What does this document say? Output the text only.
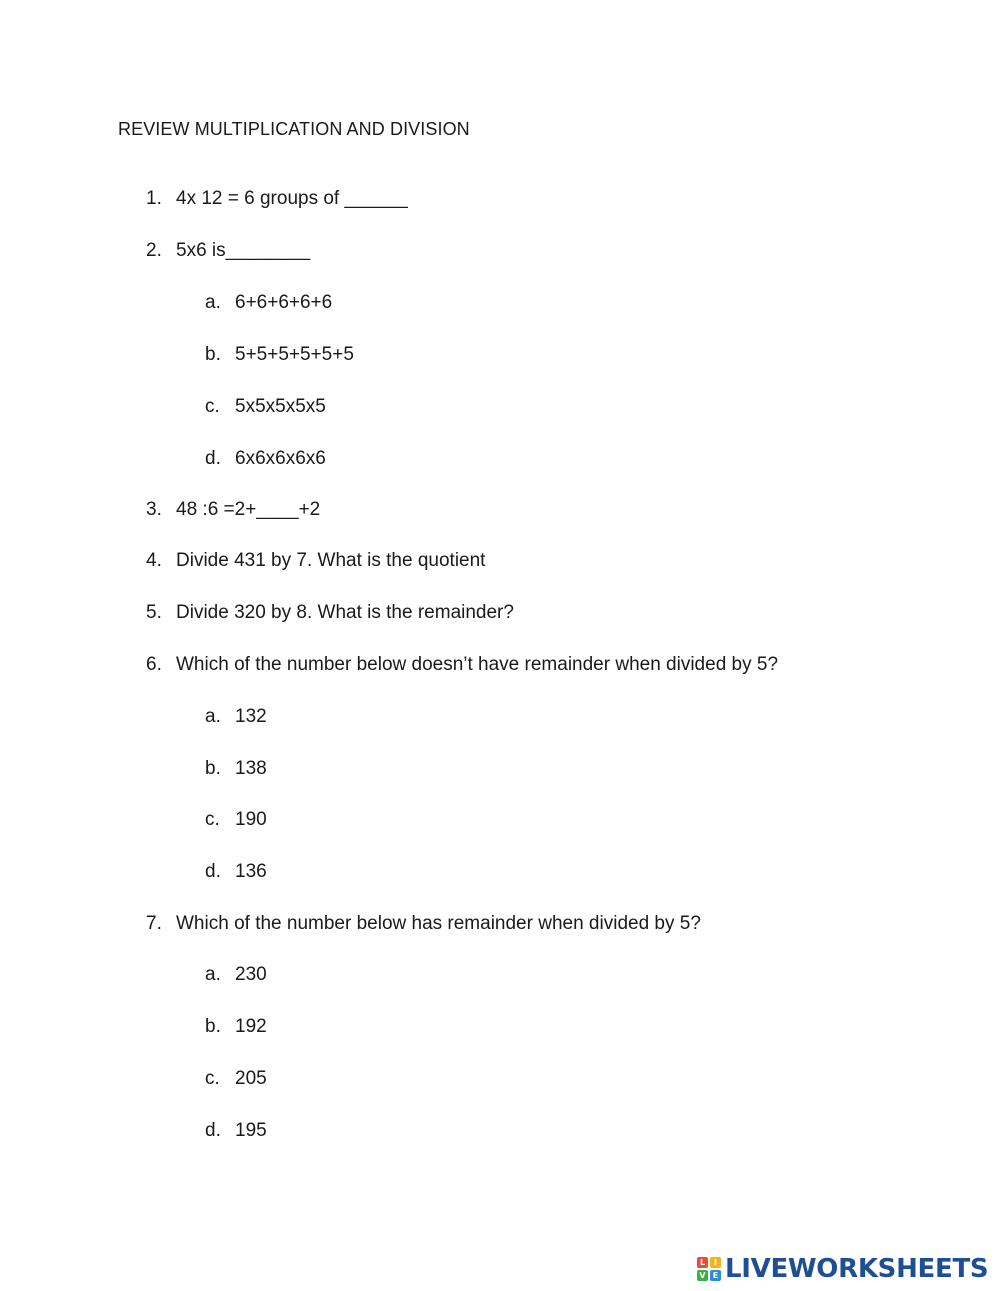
REVIEW MULTIPLICATION AND DIVISION
1. 4x 12 = 6 groups of ______
2. 5x6 is________
a. 6+6+6+6+6
b. 5+5+5+5+5+5
c. 5x5x5x5x5
d. 6x6x6x6x6
3. 48 :6 =2+____+2
4. Divide 431 by 7. What is the quotient
5. Divide 320 by 8. What is the remainder?
6. Which of the number below doesn’t have remainder when divided by 5?
a. 132
b. 138
c. 190
d. 136
7. Which of the number below has remainder when divided by 5?
a. 230
b. 192
c. 205
d. 195
L	I
V E LIVEWORKSHEETS
